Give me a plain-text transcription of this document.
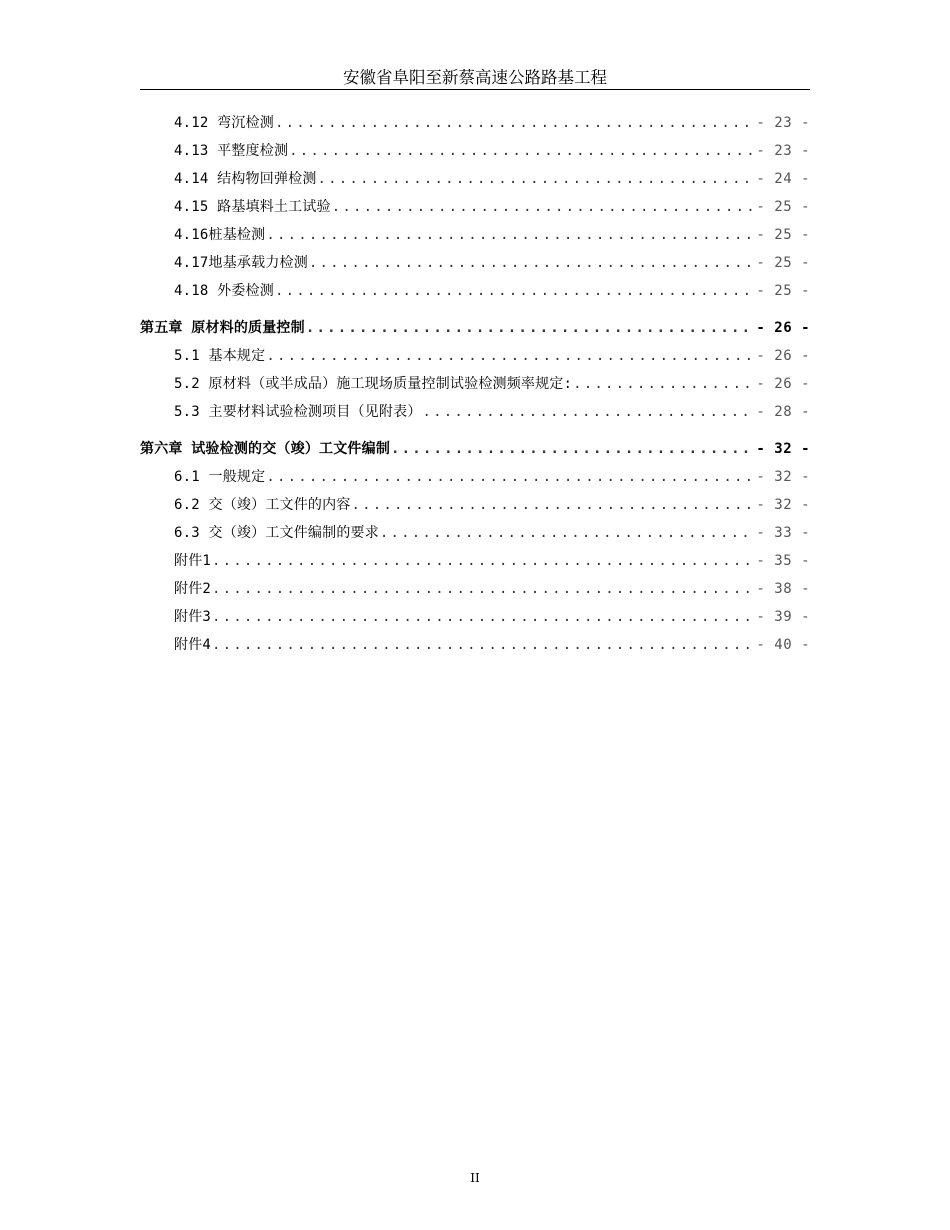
安徽省阜阳至新蔡高速公路路基工程
4.12 弯沉检测 .....	- 23 -
4.13 平整度检测 .....	- 23 -
4.14 结构物回弹检测 .....	- 24 -
4.15 路基填料土工试验 .....	- 25 -
4.16桩基检测 .....	- 25 -
4.17地基承载力检测 .....	- 25 -
4.18 外委检测 .....	- 25 -
第五章 原材料的质量控制 .....	- 26 -
5.1 基本规定 .....	- 26 -
5.2 原材料（或半成品）施工现场质量控制试验检测频率规定: .....	- 26 -
5.3 主要材料试验检测项目（见附表） .....	- 28 -
第六章 试验检测的交（竣）工文件编制 .....	- 32 -
6.1 一般规定 .....	- 32 -
6.2 交（竣）工文件的内容 .....	- 32 -
6.3 交（竣）工文件编制的要求 .....	- 33 -
附件1 .....	- 35 -
附件2 .....	- 38 -
附件3 .....	- 39 -
附件4 .....	- 40 -
II
